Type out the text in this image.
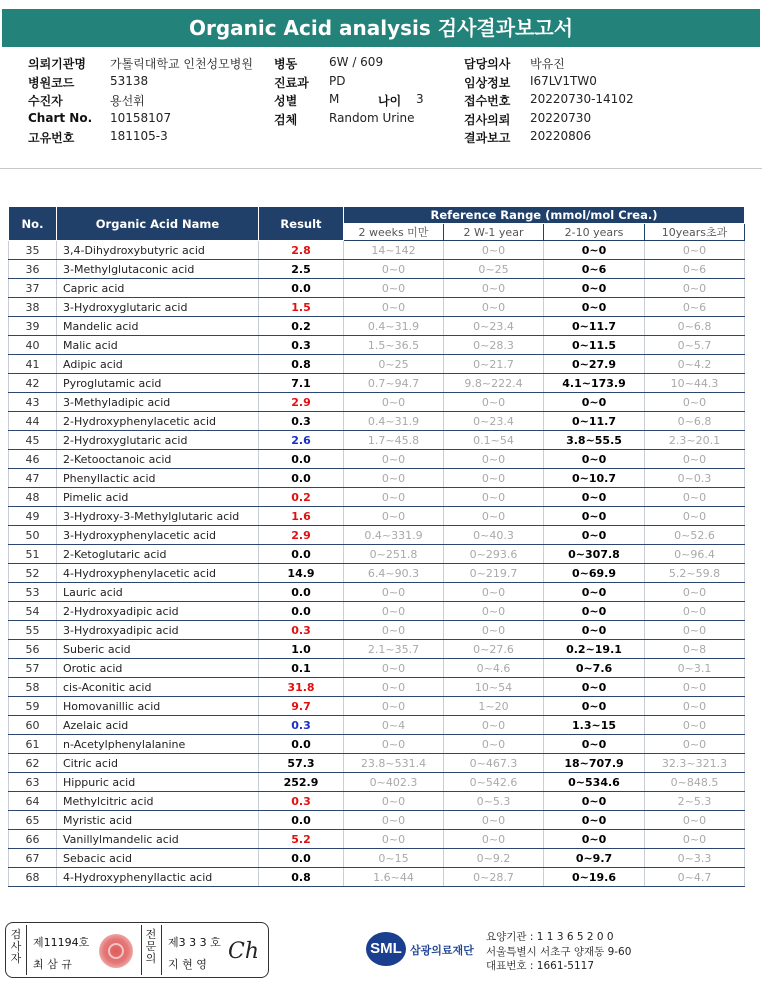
Organic Acid analysis 검사결과보고서
의뢰기관명 가톨릭대학교 인천성모병원 병동	6W / 609	담당의사 박유진
병원코드	53138	진료과 PD	임상정보 I67LV1TW0
수진자	용선휘	성별	M	나이 3	접수번호 20220730-14102
Chart No. 10158107	검체	Random Urine	검사의뢰 20220730
고유번호	181105-3	결과보고 20220806
No.	Organic Acid Name	Result	Reference Range (mmol/mol Crea.)			
			2 weeks 미만	2 W-1 year	2-10 years	10years초과
35	3,4-Dihydroxybutyric acid	2.8	14~142	0~0	0~0	0~0
36	3-Methylglutaconic acid	2.5	0~0	0~25	0~6	0~6
37	Capric acid	0.0	0~0	0~0	0~0	0~0
38	3-Hydroxyglutaric acid	1.5	0~0	0~0	0~0	0~6
39	Mandelic acid	0.2	0.4~31.9	0~23.4	0~11.7	0~6.8
40	Malic acid	0.3	1.5~36.5	0~28.3	0~11.5	0~5.7
41	Adipic acid	0.8	0~25	0~21.7	0~27.9	0~4.2
42	Pyroglutamic acid	7.1	0.7~94.7	9.8~222.4	4.1~173.9	10~44.3
43	3-Methyladipic acid	2.9	0~0	0~0	0~0	0~0
44	2-Hydroxyphenylacetic acid	0.3	0.4~31.9	0~23.4	0~11.7	0~6.8
45	2-Hydroxyglutaric acid	2.6	1.7~45.8	0.1~54	3.8~55.5	2.3~20.1
46	2-Ketooctanoic acid	0.0	0~0	0~0	0~0	0~0
47	Phenyllactic acid	0.0	0~0	0~0	0~10.7	0~0.3
48	Pimelic acid	0.2	0~0	0~0	0~0	0~0
49	3-Hydroxy-3-Methylglutaric acid	1.6	0~0	0~0	0~0	0~0
50	3-Hydroxyphenylacetic acid	2.9	0.4~331.9	0~40.3	0~0	0~52.6
51	2-Ketoglutaric acid	0.0	0~251.8	0~293.6	0~307.8	0~96.4
52	4-Hydroxyphenylacetic acid	14.9	6.4~90.3	0~219.7	0~69.9	5.2~59.8
53	Lauric acid	0.0	0~0	0~0	0~0	0~0
54	2-Hydroxyadipic acid	0.0	0~0	0~0	0~0	0~0
55	3-Hydroxyadipic acid	0.3	0~0	0~0	0~0	0~0
56	Suberic acid	1.0	2.1~35.7	0~27.6	0.2~19.1	0~8
57	Orotic acid	0.1	0~0	0~4.6	0~7.6	0~3.1
58	cis-Aconitic acid	31.8	0~0	10~54	0~0	0~0
59	Homovanillic acid	9.7	0~0	1~20	0~0	0~0
60	Azelaic acid	0.3	0~4	0~0	1.3~15	0~0
61	n-Acetylphenylalanine	0.0	0~0	0~0	0~0	0~0
62	Citric acid	57.3	23.8~531.4	0~467.3	18~707.9	32.3~321.3
63	Hippuric acid	252.9	0~402.3	0~542.6	0~534.6	0~848.5
64	Methylcitric acid	0.3	0~0	0~5.3	0~0	2~5.3
65	Myristic acid	0.0	0~0	0~0	0~0	0~0
66	Vanillylmandelic acid	5.2	0~0	0~0	0~0	0~0
67	Sebacic acid	0.0	0~15	0~9.2	0~9.7	0~3.3
68	4-Hydroxyphenyllactic acid	0.8	1.6~44	0~28.7	0~19.6	0~4.7
검사자
제11194호
최 삼 규
전문의
제3 3 3 호
지 현 영
Ch	SML 삼광의료재단
요양기관 : 1 1 3 6 5 2 0 0
서울특별시 서초구 양재동 9-60
대표번호 : 1661-5117
